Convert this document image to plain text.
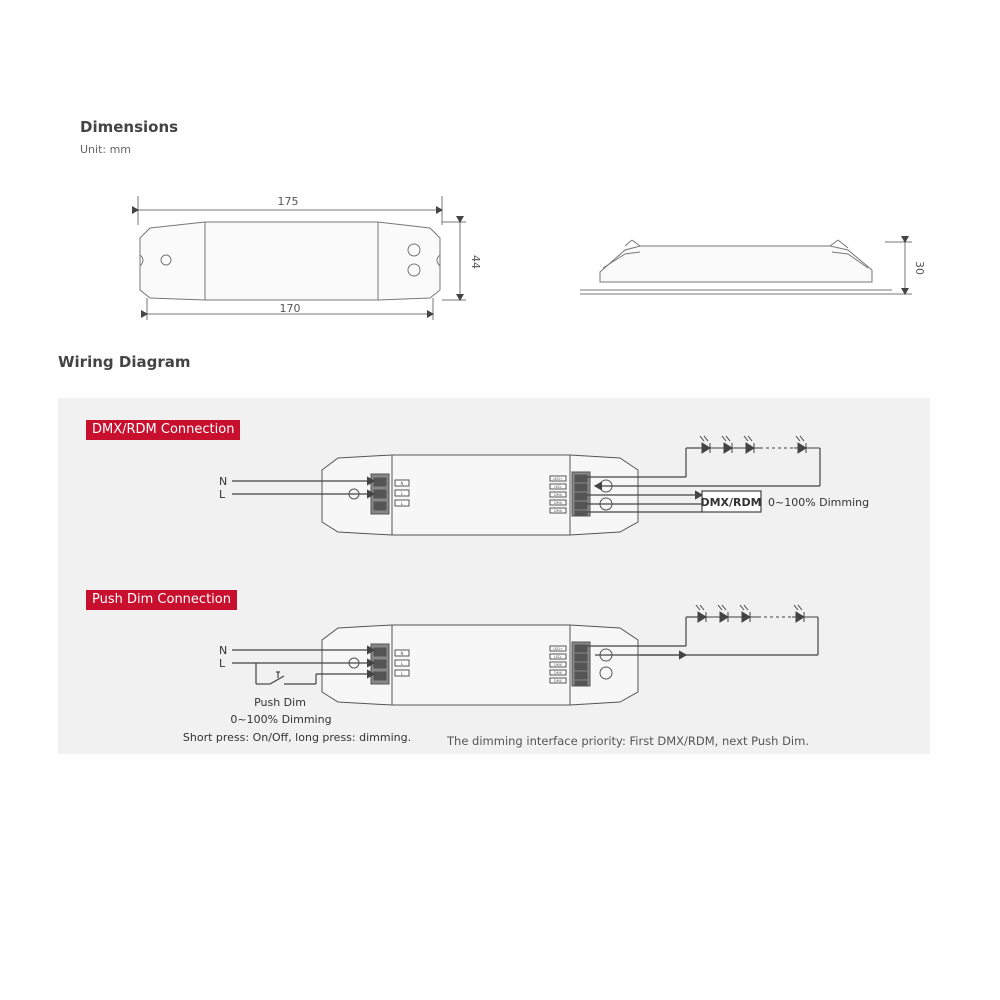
Dimensions
Unit: mm
Wiring Diagram
DMX/RDM Connection
Push Dim Connection
175
170
44	30
DMX/RDM 0~100% Dimming
N
L
N
L
L
LED+
LED-
DMX
DMX
DMX
N
L
Push Dim
0~100% Dimming
Short press: On/Off, long press: dimming.	The dimming interface priority: First DMX/RDM, next Push Dim.
N
L
L
LED+
LED-
DMX
DMX
DMX
